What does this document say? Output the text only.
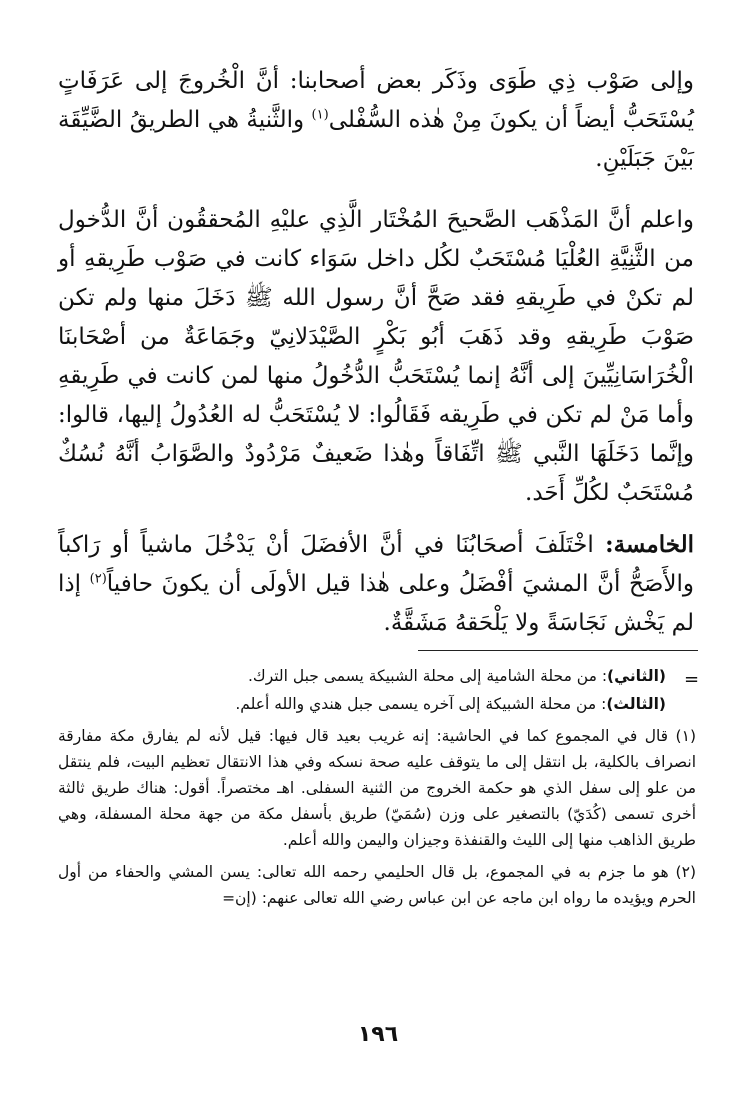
وإلى صَوْب ذِي طَوَى وذَكَر بعض أصحابنا: أنَّ الْخُروجَ إلى عَرَفَاتٍ يُسْتَحَبُّ أيضاً أن يكونَ مِنْ هٰذه السُّفْلى$^{(١)}$ والثَّنيةُ هي الطريقُ الضَّيِّقَة بَيْنَ جَبَلَيْنِ.

واعلم أنَّ المَذْهَب الصَّحيحَ المُخْتَار الَّذِي عليْهِ المُحققُون أنَّ الدُّخول من الثَّنِيَّةِ العُلْيَا مُسْتَحَبٌ لكُل داخل سَوَاء كانت في صَوْب طَرِيقهِ أو لم تكنْ في طَرِيقهِ فقد صَحَّ أنَّ رسول الله ﷺ دَخَلَ منها ولم تكن صَوْبَ طَرِيقهِ وقد ذَهَبَ أبُو بَكْرٍ الصَّيْدَلانِيّ وجَمَاعَةٌ من أصْحَابنَا الْخُرَاسَانِيِّينَ إلى أنَّهُ إنما يُسْتَحَبُّ الدُّخُولُ منها لمن كانت في طَرِيقهِ وأما مَنْ لم تكن في طَرِيقه فَقَالُوا: لا يُسْتَحَبُّ له العُدُولُ إليها، قالوا: وإنَّما دَخَلَهَا النَّبي ﷺ اتِّفَاقاً وهٰذا ضَعيفٌ مَرْدُودٌ والصَّوَابُ أنَّهُ نُسُكٌ مُسْتَحَبٌ لكُلِّ أَحَد.

الخامسة: اخْتَلَفَ أصحَابُنَا في أنَّ الأفضَلَ أنْ يَدْخُلَ ماشياً أو رَاكباً والأَصَحُّ أنَّ المشيَ أفْضَلُ وعلى هٰذا قيل الأولَى أن يكونَ حافياً$^{(٢)}$ إذا لم يَخْش نَجَاسَةً ولا يَلْحَقهُ مَشَقَّةٌ.

=

(الثاني): من محلة الشامية إلى محلة الشبيكة يسمى جبل الترك.

(الثالث): من محلة الشبيكة إلى آخره يسمى جبل هندي والله أعلم.

(١) قال في المجموع كما في الحاشية: إنه غريب بعيد قال فيها: قيل لأنه لم يفارق مكة مفارقة انصراف بالكلية، بل انتقل إلى ما يتوقف عليه صحة نسكه وفي هذا الانتقال تعظيم البيت، فلم ينتقل من علو إلى سفل الذي هو حكمة الخروج من الثنية السفلى. اهـ مختصراً. أقول: هناك طريق ثالثة أخرى تسمى (كُدَيّ) بالتصغير على وزن (سُمَيّ) طريق بأسفل مكة من جهة محلة المسفلة، وهي طريق الذاهب منها إلى الليث والقنفذة وجيزان واليمن والله أعلم.

(٢) هو ما جزم به في المجموع، بل قال الحليمي رحمه الله تعالى: يسن المشي والحفاء من أول الحرم ويؤيده ما رواه ابن ماجه عن ابن عباس رضي الله تعالى عنهم: (إن=

١٩٦
